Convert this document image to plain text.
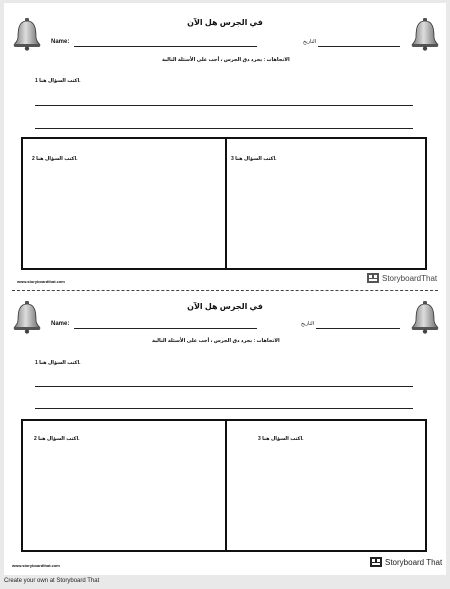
في الجرس هل الآن
Name:	التاريخ
الاتجاهات : يجرد دق الجرس ، أجب على الأسئلة التالية
اكتب السؤال هنا 1.
اكتب السؤال هنا 2.	اكتب السؤال هنا 3.
www.storyboardthat.com	StoryboardThat
في الجرس هل الآن
Name:	التاريخ
الاتجاهات : يجرد دق الجرس ، أجب على الأسئلة التالية
اكتب السؤال هنا 1.
اكتب السؤال هنا 2.	اكتب السؤال هنا 3.
www.storyboardthat.com	Storyboard That
Create your own at Storyboard That
